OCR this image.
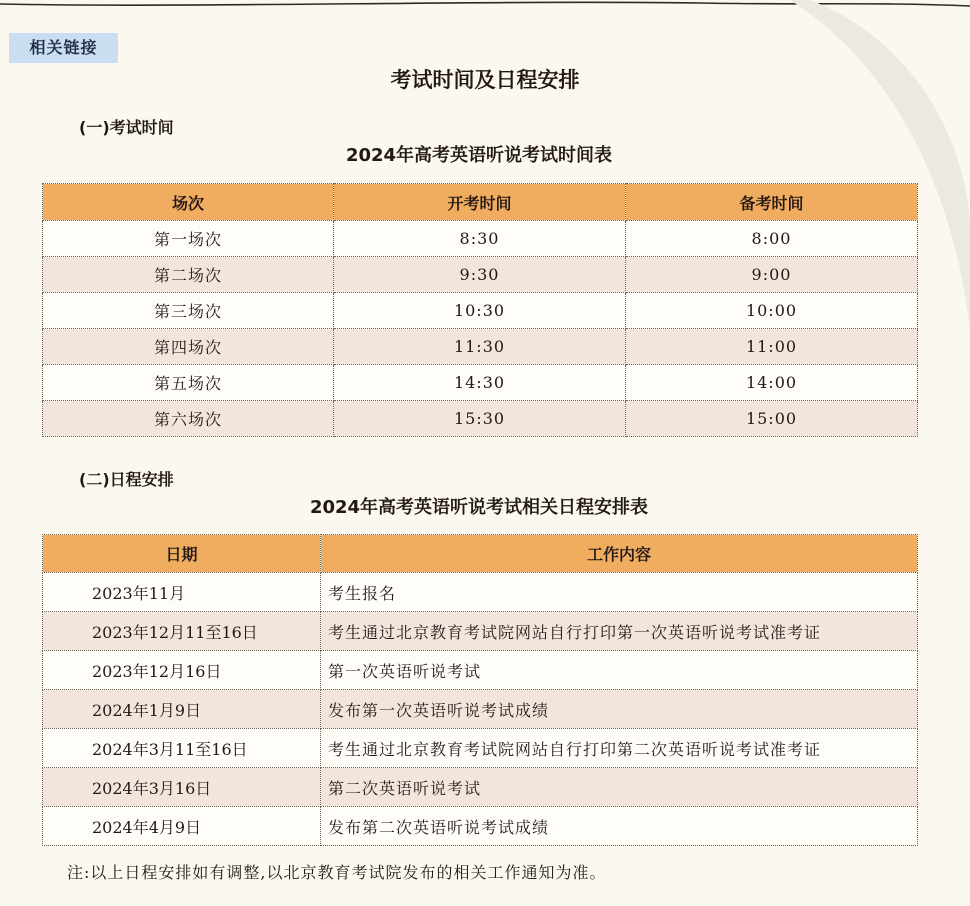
相关链接
考试时间及日程安排
(一)考试时间
2024年高考英语听说考试时间表
场次	开考时间	备考时间
第一场次	8:30	8:00
第二场次	9:30	9:00
第三场次	10:30	10:00
第四场次	11:30	11:00
第五场次	14:30	14:00
第六场次	15:30	15:00
(二)日程安排
2024年高考英语听说考试相关日程安排表
日期	工作内容
2023年11月	考生报名
2023年12月11至16日	考生通过北京教育考试院网站自行打印第一次英语听说考试准考证
2023年12月16日	第一次英语听说考试
2024年1月9日	发布第一次英语听说考试成绩
2024年3月11至16日	考生通过北京教育考试院网站自行打印第二次英语听说考试准考证
2024年3月16日	第二次英语听说考试
2024年4月9日	发布第二次英语听说考试成绩
注:以上日程安排如有调整,以北京教育考试院发布的相关工作通知为准。
